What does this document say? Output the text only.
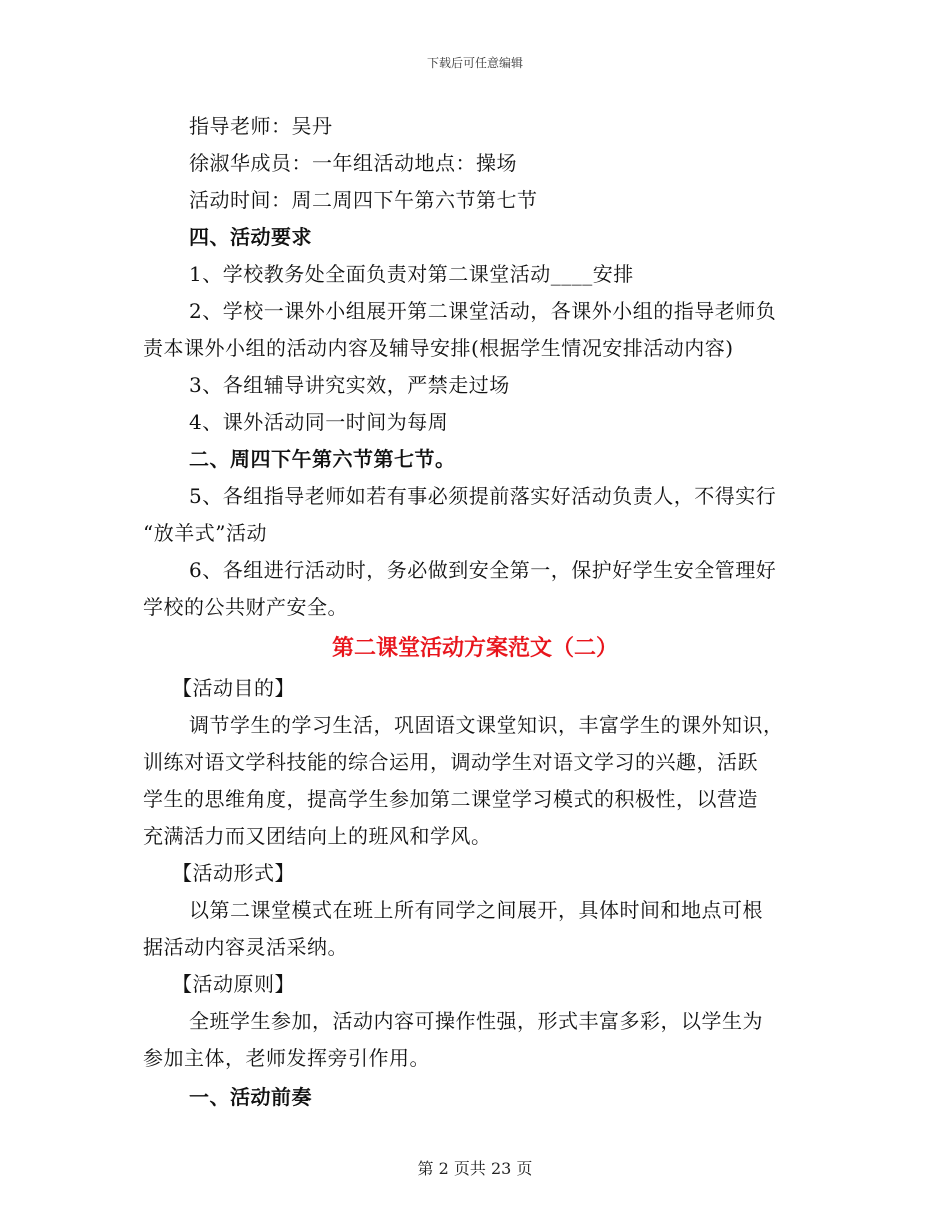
下载后可任意编辑
指导老师：吴丹
徐淑华成员：一年组活动地点：操场
活动时间：周二周四下午第六节第七节
四、活动要求
1、学校教务处全面负责对第二课堂活动____安排
2、学校一课外小组展开第二课堂活动，各课外小组的指导老师负
责本课外小组的活动内容及辅导安排(根据学生情况安排活动内容)
3、各组辅导讲究实效，严禁走过场
4、课外活动同一时间为每周
二、周四下午第六节第七节。
5、各组指导老师如若有事必须提前落实好活动负责人，不得实行
“放羊式”活动
6、各组进行活动时，务必做到安全第一，保护好学生安全管理好
学校的公共财产安全。
第二课堂活动方案范文（二）
【活动目的】
调节学生的学习生活，巩固语文课堂知识，丰富学生的课外知识，
训练对语文学科技能的综合运用，调动学生对语文学习的兴趣，活跃
学生的思维角度，提高学生参加第二课堂学习模式的积极性，以营造
充满活力而又团结向上的班风和学风。
【活动形式】
以第二课堂模式在班上所有同学之间展开，具体时间和地点可根
据活动内容灵活采纳。
【活动原则】
全班学生参加，活动内容可操作性强，形式丰富多彩，以学生为
参加主体，老师发挥旁引作用。
一、活动前奏
第 2 页共 23 页
